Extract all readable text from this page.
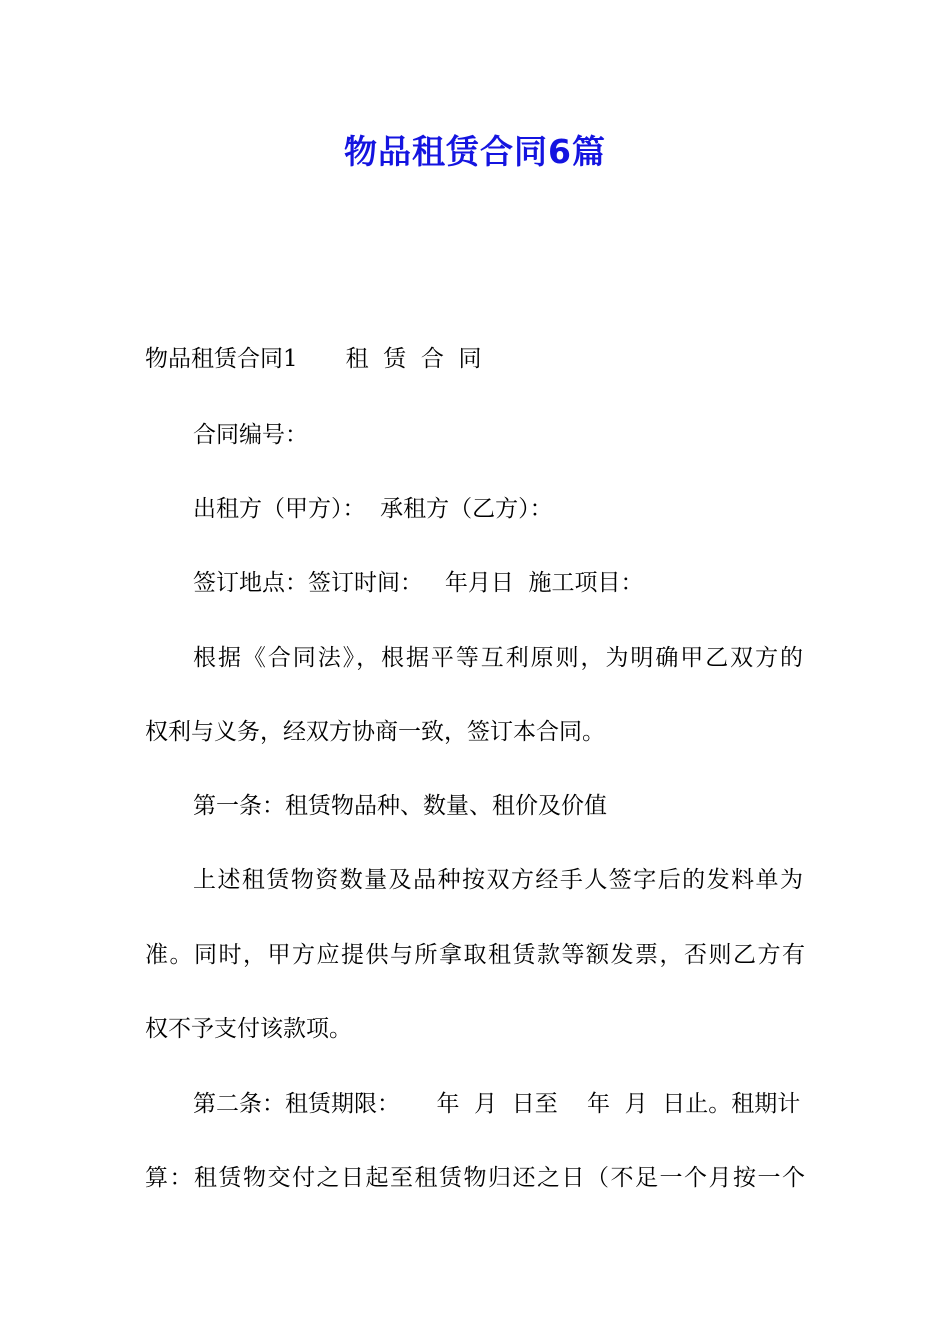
物品租赁合同6篇
物品租赁合同1 租  赁  合  同
合同编号：
出租方（甲方）：  承租方（乙方）：
签订地点：签订时间：   年月日  施工项目：
根据《合同法》，根据平等互利原则，为明确甲乙双方的
权利与义务，经双方协商一致，签订本合同。
第一条：租赁物品种、数量、租价及价值
上述租赁物资数量及品种按双方经手人签字后的发料单为
准。同时，甲方应提供与所拿取租赁款等额发票，否则乙方有
权不予支付该款项。
第二条：租赁期限：     年  月  日至    年  月  日止。租期计
算：租赁物交付之日起至租赁物归还之日（不足一个月按一个
